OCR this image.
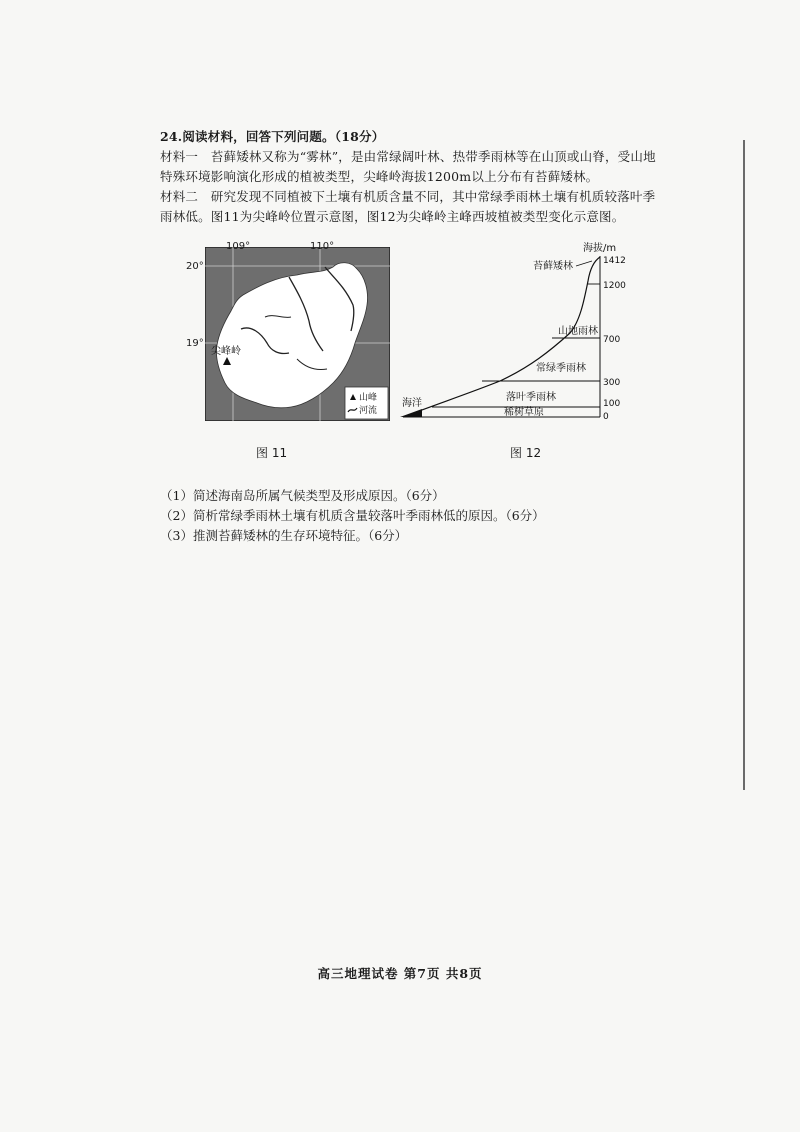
24.阅读材料，回答下列问题。（18分）
材料一　苔藓矮林又称为“雾林”，是由常绿阔叶林、热带季雨林等在山顶或山脊，受山地
特殊环境影响演化形成的植被类型，尖峰岭海拔1200m以上分布有苔藓矮林。
材料二　研究发现不同植被下土壤有机质含量不同，其中常绿季雨林土壤有机质较落叶季
雨林低。图11为尖峰岭位置示意图，图12为尖峰岭主峰西坡植被类型变化示意图。
尖峰岭
山峰
河流
109°	110°
20°
19°
图 11
海拔/m
海洋
1412
1200
700
300
100
0
苔藓矮林
山地雨林
常绿季雨林
落叶季雨林
稀树草原
图 12
（1）简述海南岛所属气候类型及形成原因。（6分）
（2）简析常绿季雨林土壤有机质含量较落叶季雨林低的原因。（6分）
（3）推测苔藓矮林的生存环境特征。（6分）
高三地理试卷 第7页 共8页
